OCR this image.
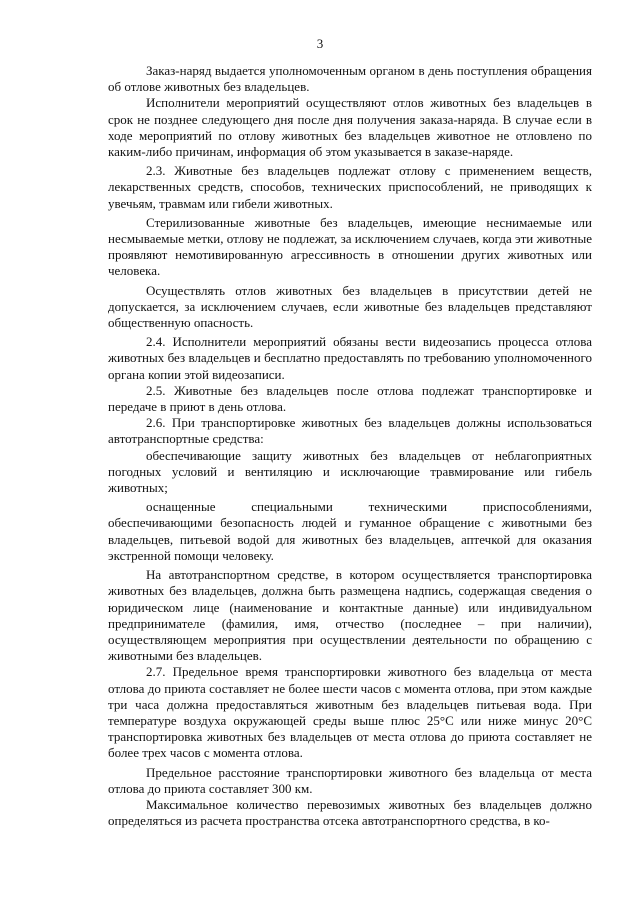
3

Заказ-наряд выдается уполномоченным органом в день поступления обращения об отлове животных без владельцев.

Исполнители мероприятий осуществляют отлов животных без владельцев в срок не позднее следующего дня после дня получения заказа-наряда. В случае если в ходе мероприятий по отлову животных без владельцев животное не отловлено по каким-либо причинам, информация об этом указывается в заказе-наряде.

2.3. Животные без владельцев подлежат отлову с применением веществ, лекарственных средств, способов, технических приспособлений, не приводящих к увечьям, травмам или гибели животных.

Стерилизованные животные без владельцев, имеющие неснимаемые или несмываемые метки, отлову не подлежат, за исключением случаев, когда эти животные проявляют немотивированную агрессивность в отношении других животных или человека.

Осуществлять отлов животных без владельцев в присутствии детей не допускается, за исключением случаев, если животные без владельцев представляют общественную опасность.

2.4. Исполнители мероприятий обязаны вести видеозапись процесса отлова животных без владельцев и бесплатно предоставлять по требованию уполномоченного органа копии этой видеозаписи.

2.5. Животные без владельцев после отлова подлежат транспортировке и передаче в приют в день отлова.

2.6. При транспортировке животных без владельцев должны использоваться автотранспортные средства:

обеспечивающие защиту животных без владельцев от неблагоприятных погодных условий и вентиляцию и исключающие травмирование или гибель животных;

оснащенные специальными техническими приспособлениями, обеспечивающими безопасность людей и гуманное обращение с животными без владельцев, питьевой водой для животных без владельцев, аптечкой для оказания экстренной помощи человеку.

На автотранспортном средстве, в котором осуществляется транспортировка животных без владельцев, должна быть размещена надпись, содержащая сведения о юридическом лице (наименование и контактные данные) или индивидуальном предпринимателе (фамилия, имя, отчество (последнее – при наличии), осуществляющем мероприятия при осуществлении деятельности по обращению с животными без владельцев.

2.7. Предельное время транспортировки животного без владельца от места отлова до приюта составляет не более шести часов с момента отлова, при этом каждые три часа должна предоставляться животным без владельцев питьевая вода. При температуре воздуха окружающей среды выше плюс 25°С или ниже минус 20°С транспортировка животных без владельцев от места отлова до приюта составляет не более трех часов с момента отлова.

Предельное расстояние транспортировки животного без владельца от места отлова до приюта составляет 300 км.

Максимальное количество перевозимых животных без владельцев должно определяться из расчета пространства отсека автотранспортного средства, в ко-
